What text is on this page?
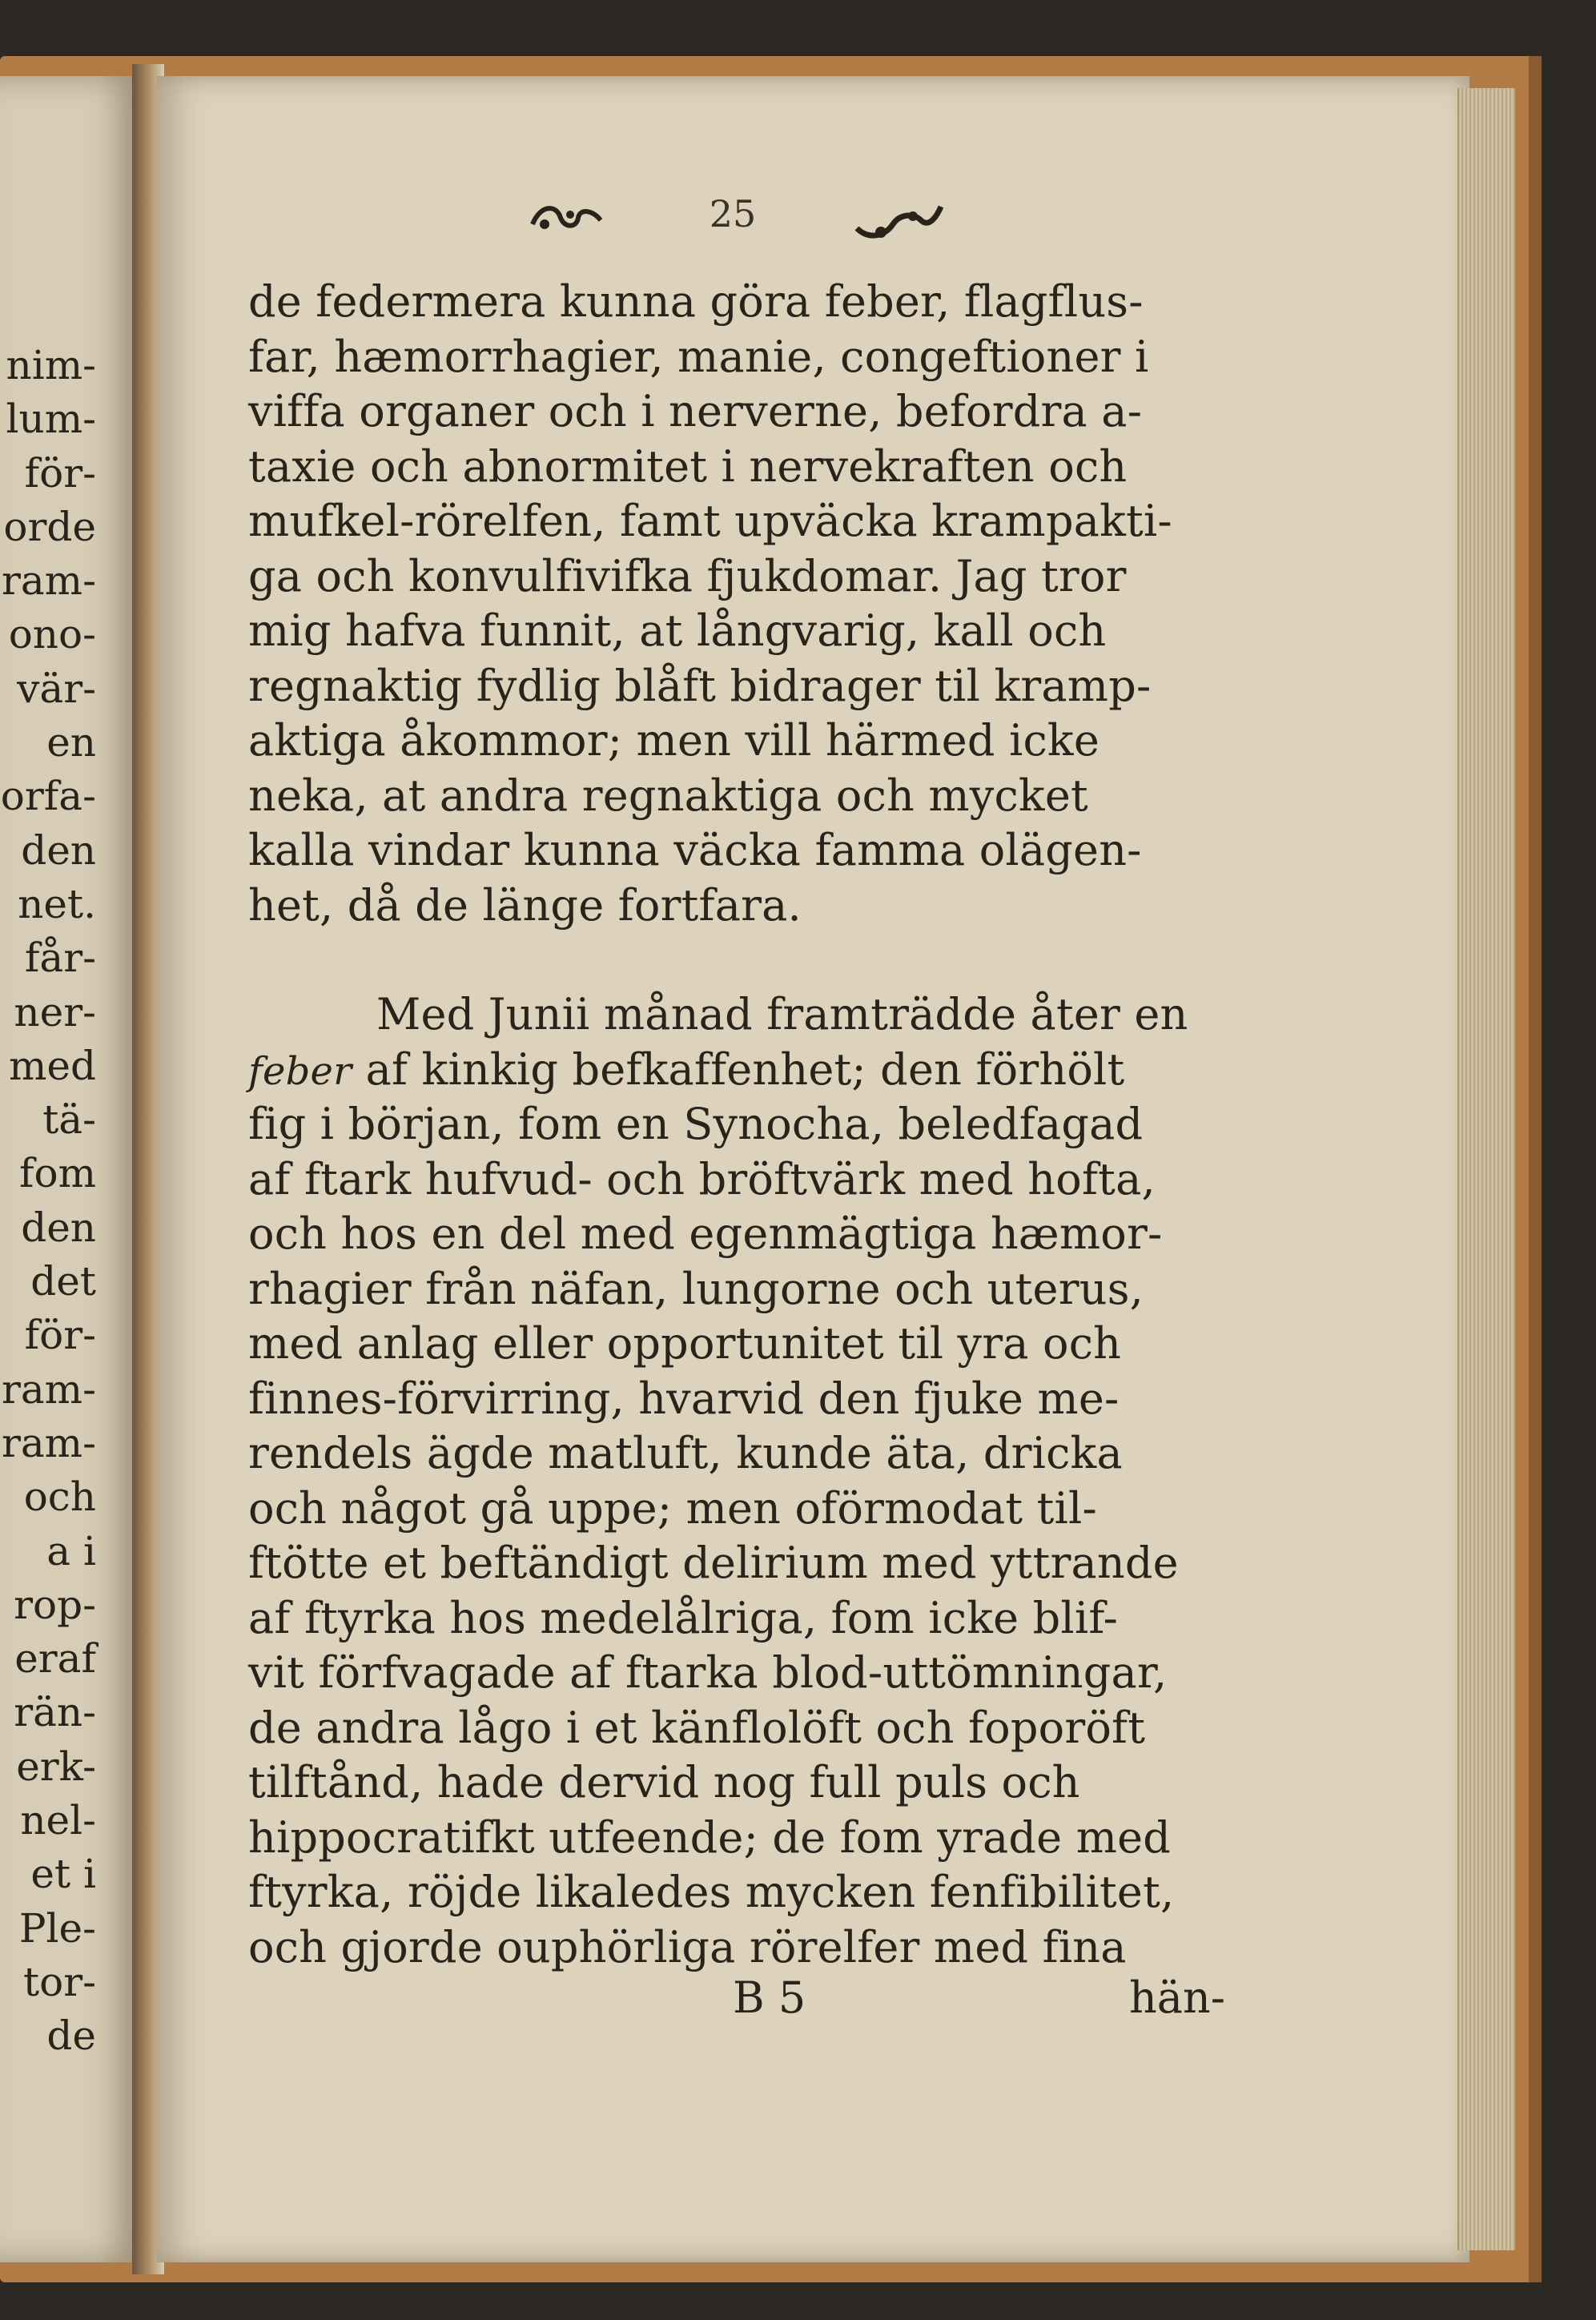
nim-
lum-
för-
orde
ram-
ono-
vär-
en
orfa-
den
net.
får-
ner-
med
tä-
fom
den
det
för-
ram-
ram-
och
a i
rop-
eraf
rän-
erk-
nel-
et i
Ple-
tor-
de
25
de federmera kunna göra feber, flagflus-
far, hæmorrhagier, manie, congeftioner i
viffa organer och i nerverne, befordra a-
taxie och abnormitet i nervekraften och
mufkel-rörelfen, famt upväcka krampakti-
ga och konvulfivifka fjukdomar. Jag tror
mig hafva funnit, at långvarig, kall och
regnaktig fydlig blåft bidrager til kramp-
aktiga åkommor; men vill härmed icke
neka, at andra regnaktiga och mycket
kalla vindar kunna väcka famma olägen-
het, då de länge fortfara.
Med Junii månad framträdde åter en
feber af kinkig befkaffenhet; den förhölt
fig i början, fom en Synocha, beledfagad
af ftark hufvud- och bröftvärk med hofta,
och hos en del med egenmägtiga hæmor-
rhagier från näfan, lungorne och uterus,
med anlag eller opportunitet til yra och
finnes-förvirring, hvarvid den fjuke me-
rendels ägde matluft, kunde äta, dricka
och något gå uppe; men oförmodat til-
ftötte et beftändigt delirium med yttrande
af ftyrka hos medelålriga, fom icke blif-
vit förfvagade af ftarka blod-uttömningar,
de andra lågo i et känflolöft och foporöft
tilftånd, hade dervid nog full puls och
hippocratifkt utfeende; de fom yrade med
ftyrka, röjde likaledes mycken fenfibilitet,
och gjorde ouphörliga rörelfer med fina
B 5	hän-
